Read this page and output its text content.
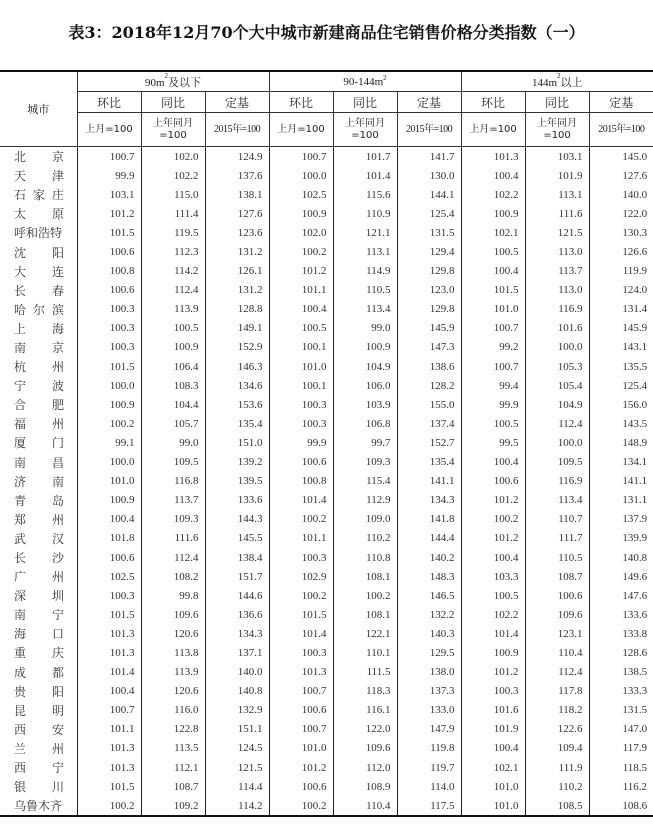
表3：2018年12月70个大中城市新建商品住宅销售价格分类指数（一）
城市	$90m^2$及以下			$90-144m^2$			$144m^2$以上		
	环比	同比	定基	环比	同比	定基	环比	同比	定基
	上月=100	上年同月=100	2015年=100	上月=100	上年同月=100	2015年=100	上月=100	上年同月=100	2015年=100

北 京	100.7	102.0	124.9	100.7	101.7	141.7	101.3	103.1	145.0

天 津	99.9	102.2	137.6	100.0	101.4	130.0	100.4	101.9	127.6

石 家 庄	103.1	115.0	138.1	102.5	115.6	144.1	102.2	113.1	140.0

太 原	101.2	111.4	127.6	100.9	110.9	125.4	100.9	111.6	122.0

呼和浩特	101.5	119.5	123.6	102.0	121.1	131.5	102.1	121.5	130.3

沈 阳	100.6	112.3	131.2	100.2	113.1	129.4	100.5	113.0	126.6

大 连	100.8	114.2	126.1	101.2	114.9	129.8	100.4	113.7	119.9

长 春	100.6	112.4	131.2	101.1	110.5	123.0	101.5	113.0	124.0

哈 尔 滨	100.3	113.9	128.8	100.4	113.4	129.8	101.0	116.9	131.4

上 海	100.3	100.5	149.1	100.5	99.0	145.9	100.7	101.6	145.9

南 京	100.3	100.9	152.9	100.1	100.9	147.3	99.2	100.0	143.1

杭 州	101.5	106.4	146.3	101.0	104.9	138.6	100.7	105.3	135.5

宁 波	100.0	108.3	134.6	100.1	106.0	128.2	99.4	105.4	125.4

合 肥	100.9	104.4	153.6	100.3	103.9	155.0	99.9	104.9	156.0

福 州	100.2	105.7	135.4	100.3	106.8	137.4	100.5	112.4	143.5

厦 门	99.1	99.0	151.0	99.9	99.7	152.7	99.5	100.0	148.9

南 昌	100.0	109.5	139.2	100.6	109.3	135.4	100.4	109.5	134.1

济 南	101.0	116.8	139.5	100.8	115.4	141.1	100.6	116.9	141.1

青 岛	100.9	113.7	133.6	101.4	112.9	134.3	101.2	113.4	131.1

郑 州	100.4	109.3	144.3	100.2	109.0	141.8	100.2	110.7	137.9

武 汉	101.8	111.6	145.5	101.1	110.2	144.4	101.2	111.7	139.9

长 沙	100.6	112.4	138.4	100.3	110.8	140.2	100.4	110.5	140.8

广 州	102.5	108.2	151.7	102.9	108.1	148.3	103.3	108.7	149.6

深 圳	100.3	99.8	144.6	100.2	100.2	146.5	100.5	100.6	147.6

南 宁	101.5	109.6	136.6	101.5	108.1	132.2	102.2	109.6	133.6

海 口	101.3	120.6	134.3	101.4	122.1	140.3	101.4	123.1	133.8

重 庆	101.3	113.8	137.1	100.3	110.1	129.5	100.9	110.4	128.6

成 都	101.4	113.9	140.0	101.3	111.5	138.0	101.2	112.4	138.5

贵 阳	100.4	120.6	140.8	100.7	118.3	137.3	100.3	117.8	133.3

昆 明	100.7	116.0	132.9	100.6	116.1	133.0	101.6	118.2	131.5

西 安	101.1	122.8	151.1	100.7	122.0	147.9	101.9	122.6	147.0

兰 州	101.3	113.5	124.5	101.0	109.6	119.8	100.4	109.4	117.9

西 宁	101.3	112.1	121.5	101.2	112.0	119.7	102.1	111.9	118.5

银 川	101.5	108.7	114.4	100.6	108.9	114.0	101.0	110.2	116.2

乌鲁木齐	100.2	109.2	114.2	100.2	110.4	117.5	101.0	108.5	108.6
